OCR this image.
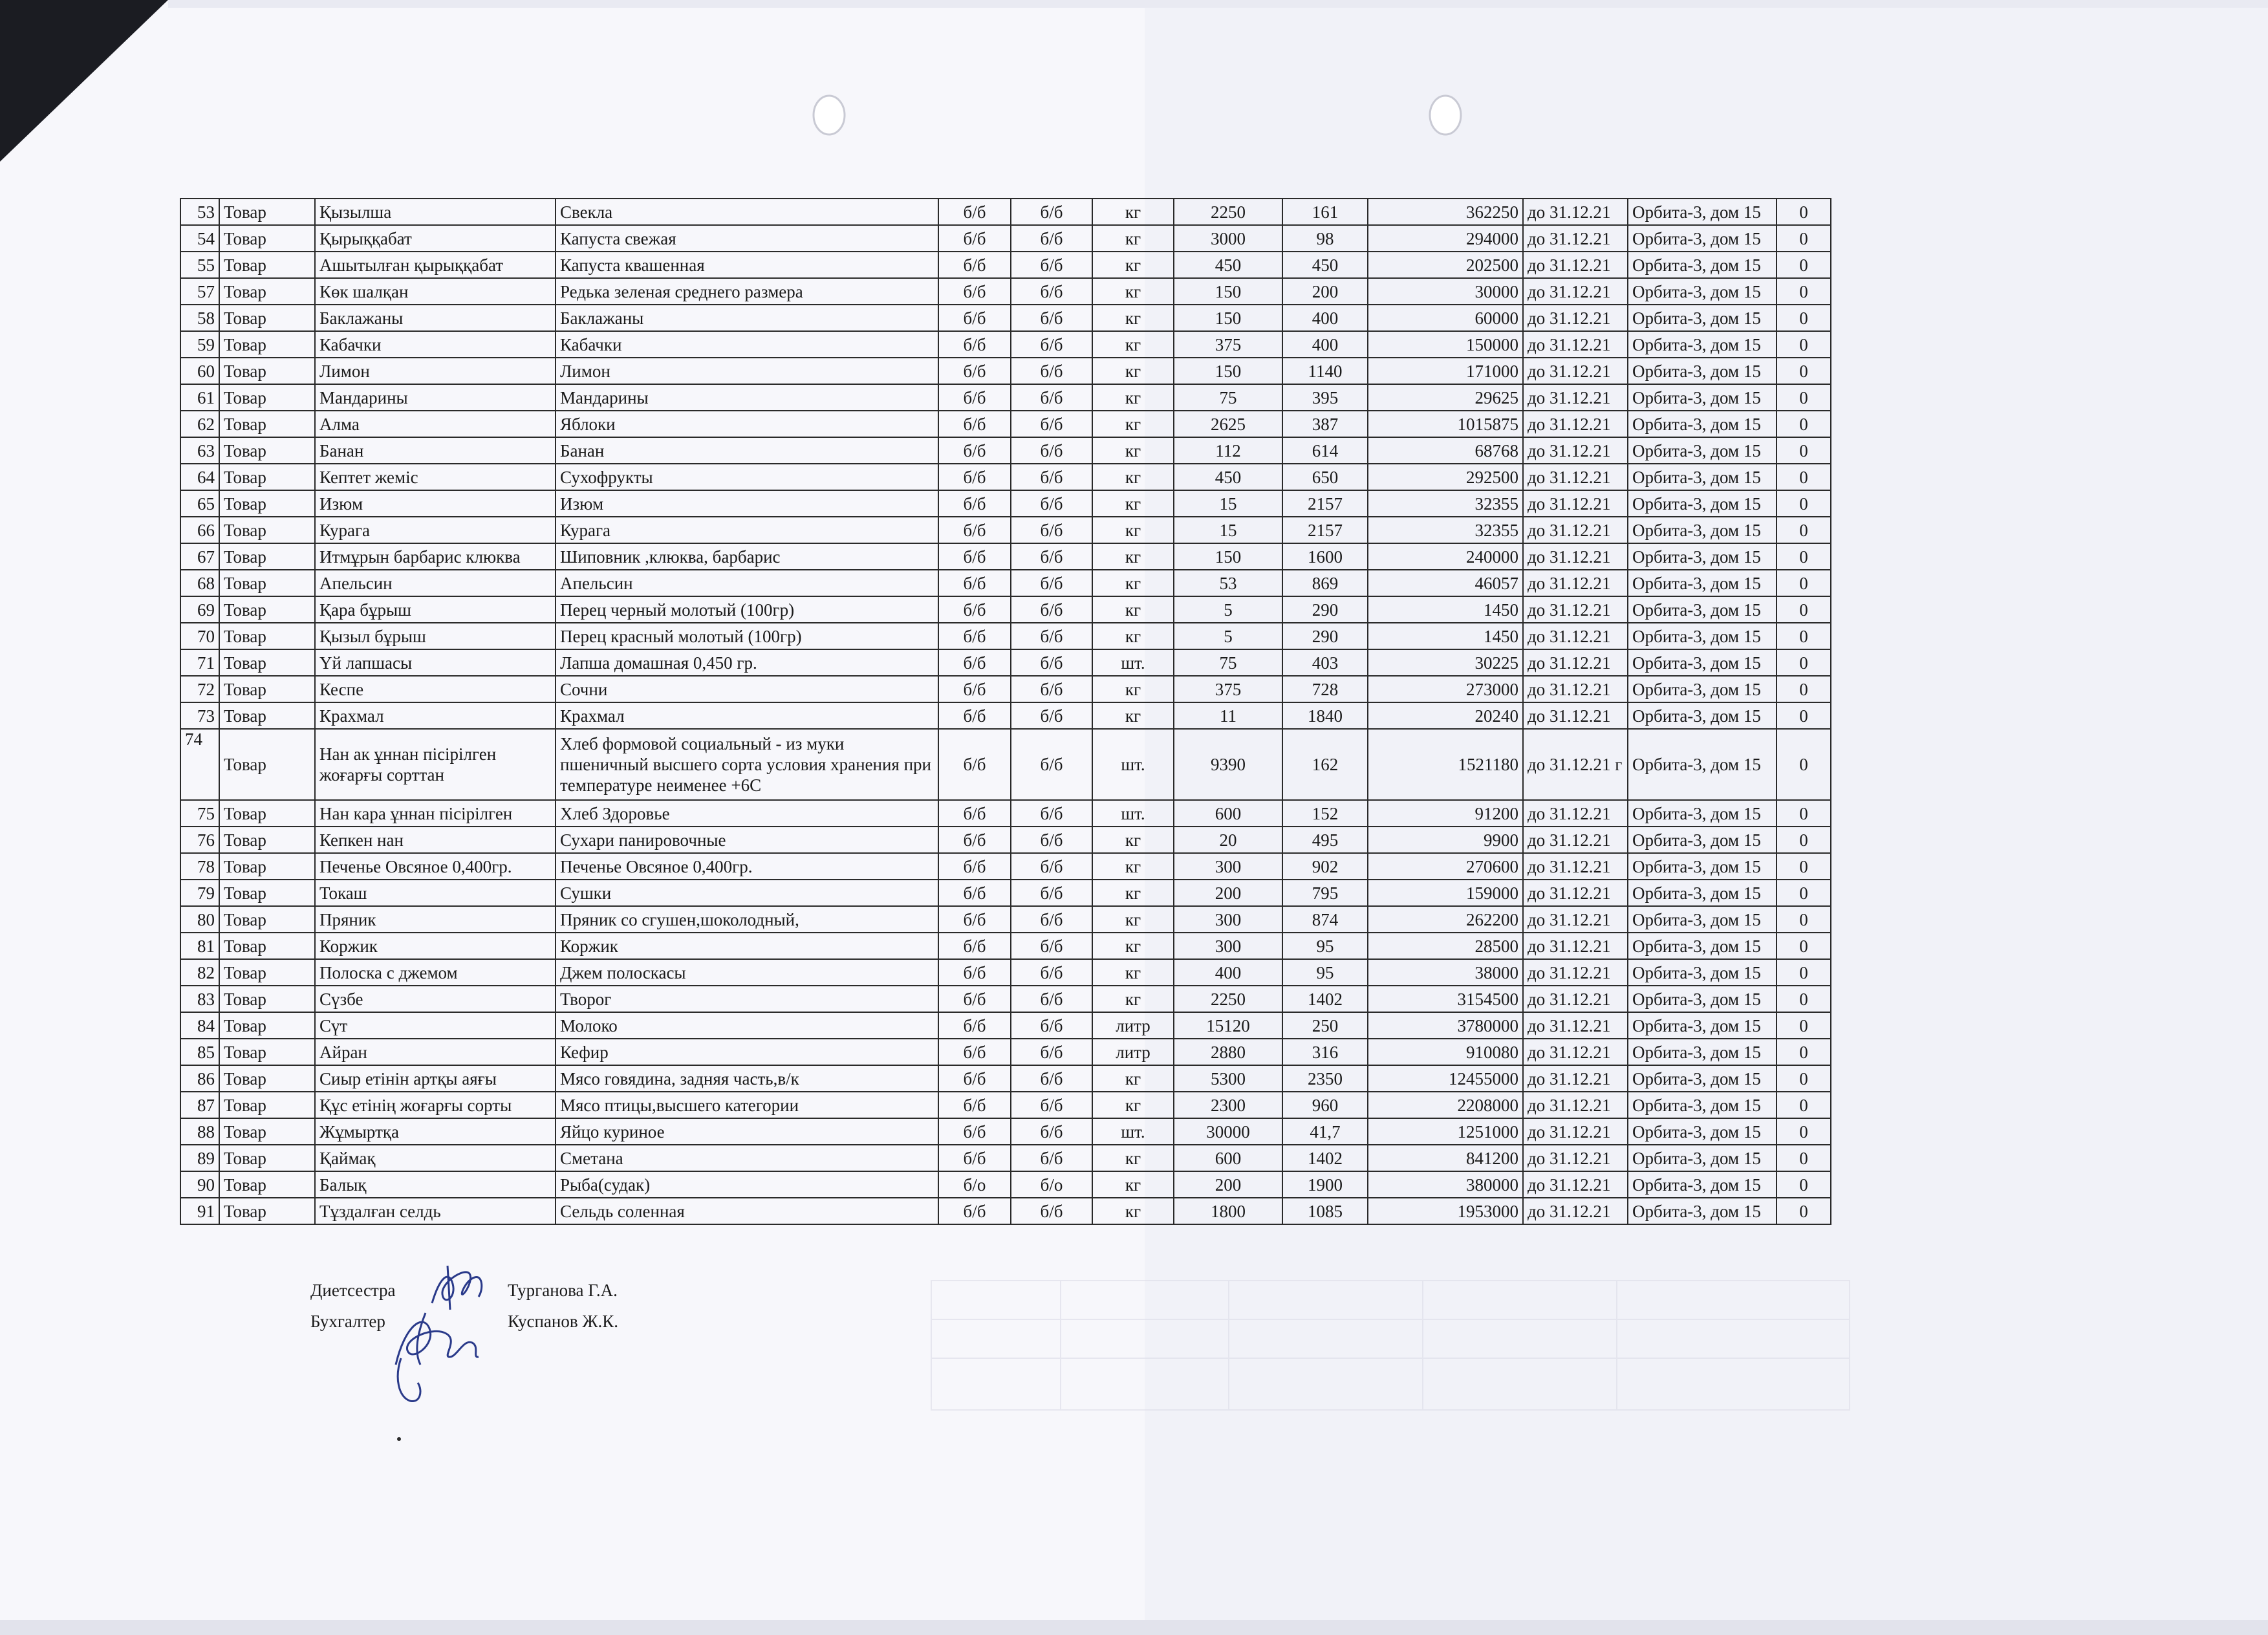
53	Товар	Қызылша	Свекла	б/б	б/б	кг	2250	161	362250	до 31.12.21	Орбита-3, дом 15	0
54	Товар	Қырыққабат	Капуста свежая	б/б	б/б	кг	3000	98	294000	до 31.12.21	Орбита-3, дом 15	0
55	Товар	Ашытылған қырыққабат	Капуста квашенная	б/б	б/б	кг	450	450	202500	до 31.12.21	Орбита-3, дом 15	0
57	Товар	Көк шалқан	Редька зеленая среднего размера	б/б	б/б	кг	150	200	30000	до 31.12.21	Орбита-3, дом 15	0
58	Товар	Баклажаны	Баклажаны	б/б	б/б	кг	150	400	60000	до 31.12.21	Орбита-3, дом 15	0
59	Товар	Кабачки	Кабачки	б/б	б/б	кг	375	400	150000	до 31.12.21	Орбита-3, дом 15	0
60	Товар	Лимон	Лимон	б/б	б/б	кг	150	1140	171000	до 31.12.21	Орбита-3, дом 15	0
61	Товар	Мандарины	Мандарины	б/б	б/б	кг	75	395	29625	до 31.12.21	Орбита-3, дом 15	0
62	Товар	Алма	Яблоки	б/б	б/б	кг	2625	387	1015875	до 31.12.21	Орбита-3, дом 15	0
63	Товар	Банан	Банан	б/б	б/б	кг	112	614	68768	до 31.12.21	Орбита-3, дом 15	0
64	Товар	Кептет жеміс	Сухофрукты	б/б	б/б	кг	450	650	292500	до 31.12.21	Орбита-3, дом 15	0
65	Товар	Изюм	Изюм	б/б	б/б	кг	15	2157	32355	до 31.12.21	Орбита-3, дом 15	0
66	Товар	Курага	Курага	б/б	б/б	кг	15	2157	32355	до 31.12.21	Орбита-3, дом 15	0
67	Товар	Итмұрын барбарис клюква	Шиповник ,клюква, барбарис	б/б	б/б	кг	150	1600	240000	до 31.12.21	Орбита-3, дом 15	0
68	Товар	Апельсин	Апельсин	б/б	б/б	кг	53	869	46057	до 31.12.21	Орбита-3, дом 15	0
69	Товар	Қара бұрыш	Перец черный молотый (100гр)	б/б	б/б	кг	5	290	1450	до 31.12.21	Орбита-3, дом 15	0
70	Товар	Қызыл бұрыш	Перец красный молотый (100гр)	б/б	б/б	кг	5	290	1450	до 31.12.21	Орбита-3, дом 15	0
71	Товар	Үй лапшасы	Лапша домашная 0,450 гр.	б/б	б/б	шт.	75	403	30225	до 31.12.21	Орбита-3, дом 15	0
72	Товар	Кеспе	Сочни	б/б	б/б	кг	375	728	273000	до 31.12.21	Орбита-3, дом 15	0
73	Товар	Крахмал	Крахмал	б/б	б/б	кг	11	1840	20240	до 31.12.21	Орбита-3, дом 15	0
74	Товар	Нан ак ұннан пісірілген жоғарғы сорттан	Хлеб формовой социальный - из муки пшеничный высшего сорта условия хранения при температуре неименее +6С	б/б	б/б	шт.	9390	162	1521180	до 31.12.21 г	Орбита-3, дом 15	0
75	Товар	Нан кара ұннан пісірілген	Хлеб Здоровье	б/б	б/б	шт.	600	152	91200	до 31.12.21	Орбита-3, дом 15	0
76	Товар	Кепкен нан	Сухари панировочные	б/б	б/б	кг	20	495	9900	до 31.12.21	Орбита-3, дом 15	0
78	Товар	Печенье Овсяное 0,400гр.	Печенье Овсяное 0,400гр.	б/б	б/б	кг	300	902	270600	до 31.12.21	Орбита-3, дом 15	0
79	Товар	Токаш	Сушки	б/б	б/б	кг	200	795	159000	до 31.12.21	Орбита-3, дом 15	0
80	Товар	Пряник	Пряник со сгушен,шоколодный,	б/б	б/б	кг	300	874	262200	до 31.12.21	Орбита-3, дом 15	0
81	Товар	Коржик	Коржик	б/б	б/б	кг	300	95	28500	до 31.12.21	Орбита-3, дом 15	0
82	Товар	Полоска с джемом	Джем полоскасы	б/б	б/б	кг	400	95	38000	до 31.12.21	Орбита-3, дом 15	0
83	Товар	Сүзбе	Творог	б/б	б/б	кг	2250	1402	3154500	до 31.12.21	Орбита-3, дом 15	0
84	Товар	Сүт	Молоко	б/б	б/б	литр	15120	250	3780000	до 31.12.21	Орбита-3, дом 15	0
85	Товар	Айран	Кефир	б/б	б/б	литр	2880	316	910080	до 31.12.21	Орбита-3, дом 15	0
86	Товар	Сиыр етінін артқы аяғы	Мясо говядина, задняя часть,в/к	б/б	б/б	кг	5300	2350	12455000	до 31.12.21	Орбита-3, дом 15	0
87	Товар	Құс етінің жоғарғы сорты	Мясо птицы,высшего категории	б/б	б/б	кг	2300	960	2208000	до 31.12.21	Орбита-3, дом 15	0
88	Товар	Жұмыртқа	Яйцо куриное	б/б	б/б	шт.	30000	41,7	1251000	до 31.12.21	Орбита-3, дом 15	0
89	Товар	Қаймақ	Сметана	б/б	б/б	кг	600	1402	841200	до 31.12.21	Орбита-3, дом 15	0
90	Товар	Балық	Рыба(судак)	б/о	б/о	кг	200	1900	380000	до 31.12.21	Орбита-3, дом 15	0
91	Товар	Тұздалған селдь	Сельдь соленная	б/б	б/б	кг	1800	1085	1953000	до 31.12.21	Орбита-3, дом 15	0
Диетсестра	Турганова Г.А.
Бухгалтер	Куспанов Ж.К.
